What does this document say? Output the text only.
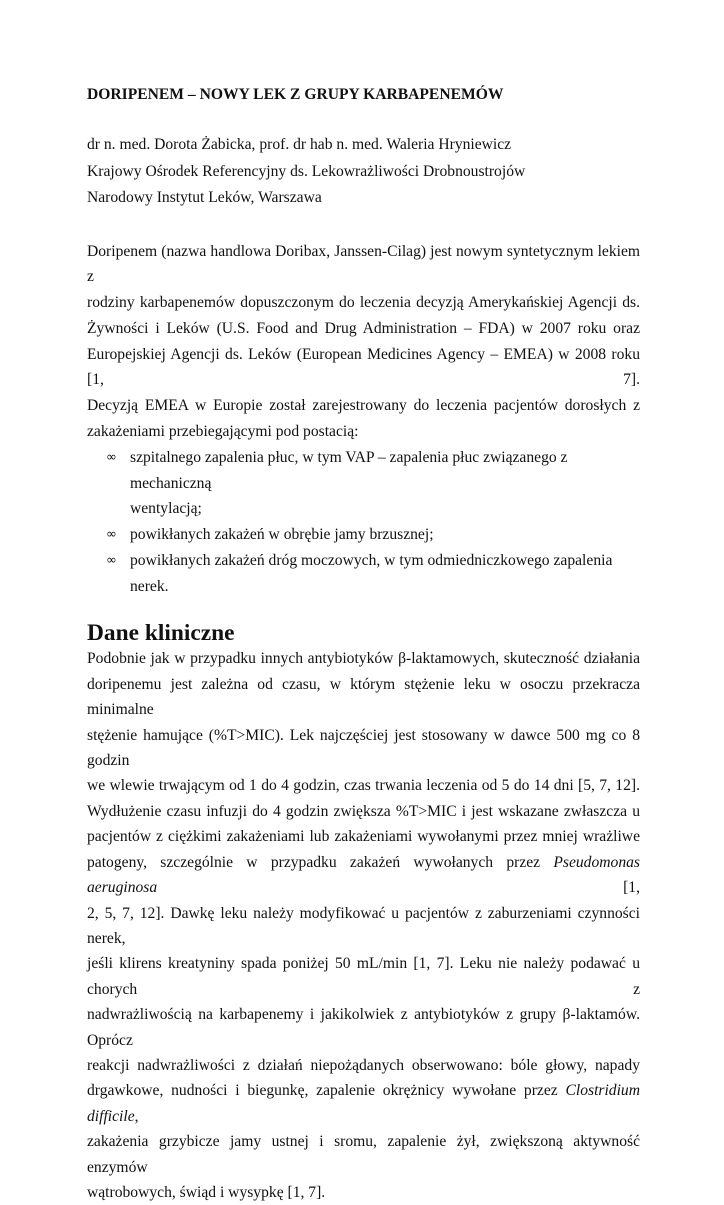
DORIPENEM – NOWY LEK Z GRUPY KARBAPENEMÓW

dr n. med. Dorota Żabicka, prof. dr hab n. med. Waleria Hryniewicz

Krajowy Ośrodek Referencyjny ds. Lekowrażliwości Drobnoustrojów

Narodowy Instytut Leków, Warszawa

Doripenem (nazwa handlowa Doribax, Janssen-Cilag) jest nowym syntetycznym lekiem z
rodziny karbapenemów dopuszczonym do leczenia decyzją Amerykańskiej Agencji ds.
Żywności i Leków (U.S. Food and Drug Administration – FDA) w 2007 roku oraz
Europejskiej Agencji ds. Leków (European Medicines Agency – EMEA) w 2008 roku [1, 7].
Decyzją EMEA w Europie został zarejestrowany do leczenia pacjentów dorosłych z
zakażeniami przebiegającymi pod postacią:

∞ szpitalnego zapalenia płuc, w tym VAP – zapalenia płuc związanego z mechaniczną
wentylacją;
∞ powikłanych zakażeń w obrębie jamy brzusznej;
∞ powikłanych zakażeń dróg moczowych, w tym odmiedniczkowego zapalenia nerek.
Dane kliniczne

Podobnie jak w przypadku innych antybiotyków β-laktamowych, skuteczność działania
doripenemu jest zależna od czasu, w którym stężenie leku w osoczu przekracza minimalne
stężenie hamujące (%T>MIC). Lek najczęściej jest stosowany w dawce 500 mg co 8 godzin
we wlewie trwającym od 1 do 4 godzin, czas trwania leczenia od 5 do 14 dni [5, 7, 12].
Wydłużenie czasu infuzji do 4 godzin zwiększa %T>MIC i jest wskazane zwłaszcza u
pacjentów z ciężkimi zakażeniami lub zakażeniami wywołanymi przez mniej wrażliwe
patogeny, szczególnie w przypadku zakażeń wywołanych przez Pseudomonas aeruginosa [1,
2, 5, 7, 12]. Dawkę leku należy modyfikować u pacjentów z zaburzeniami czynności nerek,
jeśli klirens kreatyniny spada poniżej 50 mL/min [1, 7]. Leku nie należy podawać u chorych z
nadwrażliwością na karbapenemy i jakikolwiek z antybiotyków z grupy β-laktamów. Oprócz
reakcji nadwrażliwości z działań niepożądanych obserwowano: bóle głowy, napady
drgawkowe, nudności i biegunkę, zapalenie okrężnicy wywołane przez Clostridium difficile,
zakażenia grzybicze jamy ustnej i sromu, zapalenie żył, zwiększoną aktywność enzymów
wątrobowych, świąd i wysypkę [1, 7].
